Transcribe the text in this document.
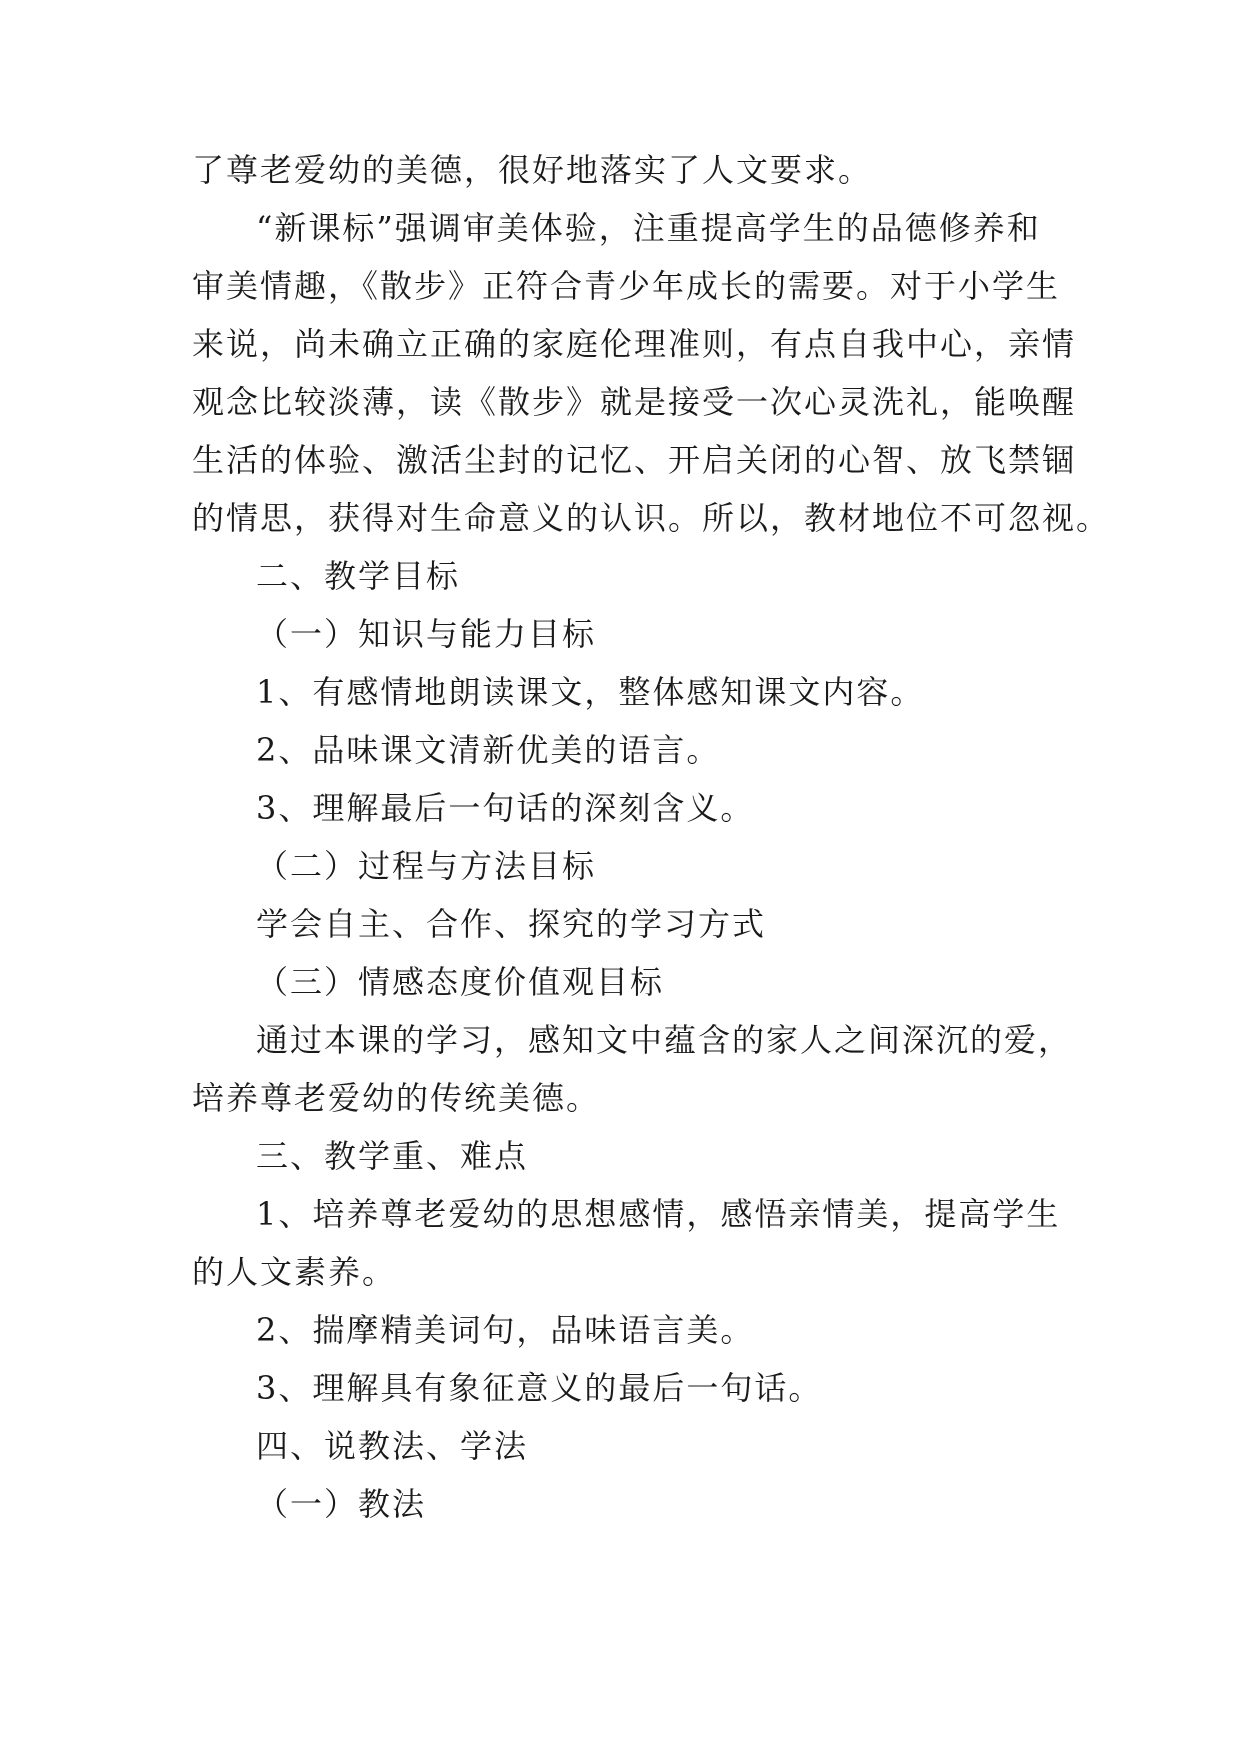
了尊老爱幼的美德，很好地落实了人文要求。
“新课标”强调审美体验，注重提高学生的品德修养和
审美情趣，《散步》正符合青少年成长的需要。对于小学生
来说，尚未确立正确的家庭伦理准则，有点自我中心，亲情
观念比较淡薄，读《散步》就是接受一次心灵洗礼，能唤醒
生活的体验、激活尘封的记忆、开启关闭的心智、放飞禁锢
的情思，获得对生命意义的认识。所以，教材地位不可忽视。
二、教学目标
（一）知识与能力目标
1、有感情地朗读课文，整体感知课文内容。
2、品味课文清新优美的语言。
3、理解最后一句话的深刻含义。
（二）过程与方法目标
学会自主、合作、探究的学习方式
（三）情感态度价值观目标
通过本课的学习，感知文中蕴含的家人之间深沉的爱，
培养尊老爱幼的传统美德。
三、教学重、难点
1、培养尊老爱幼的思想感情，感悟亲情美，提高学生
的人文素养。
2、揣摩精美词句，品味语言美。
3、理解具有象征意义的最后一句话。
四、说教法、学法
（一）教法
